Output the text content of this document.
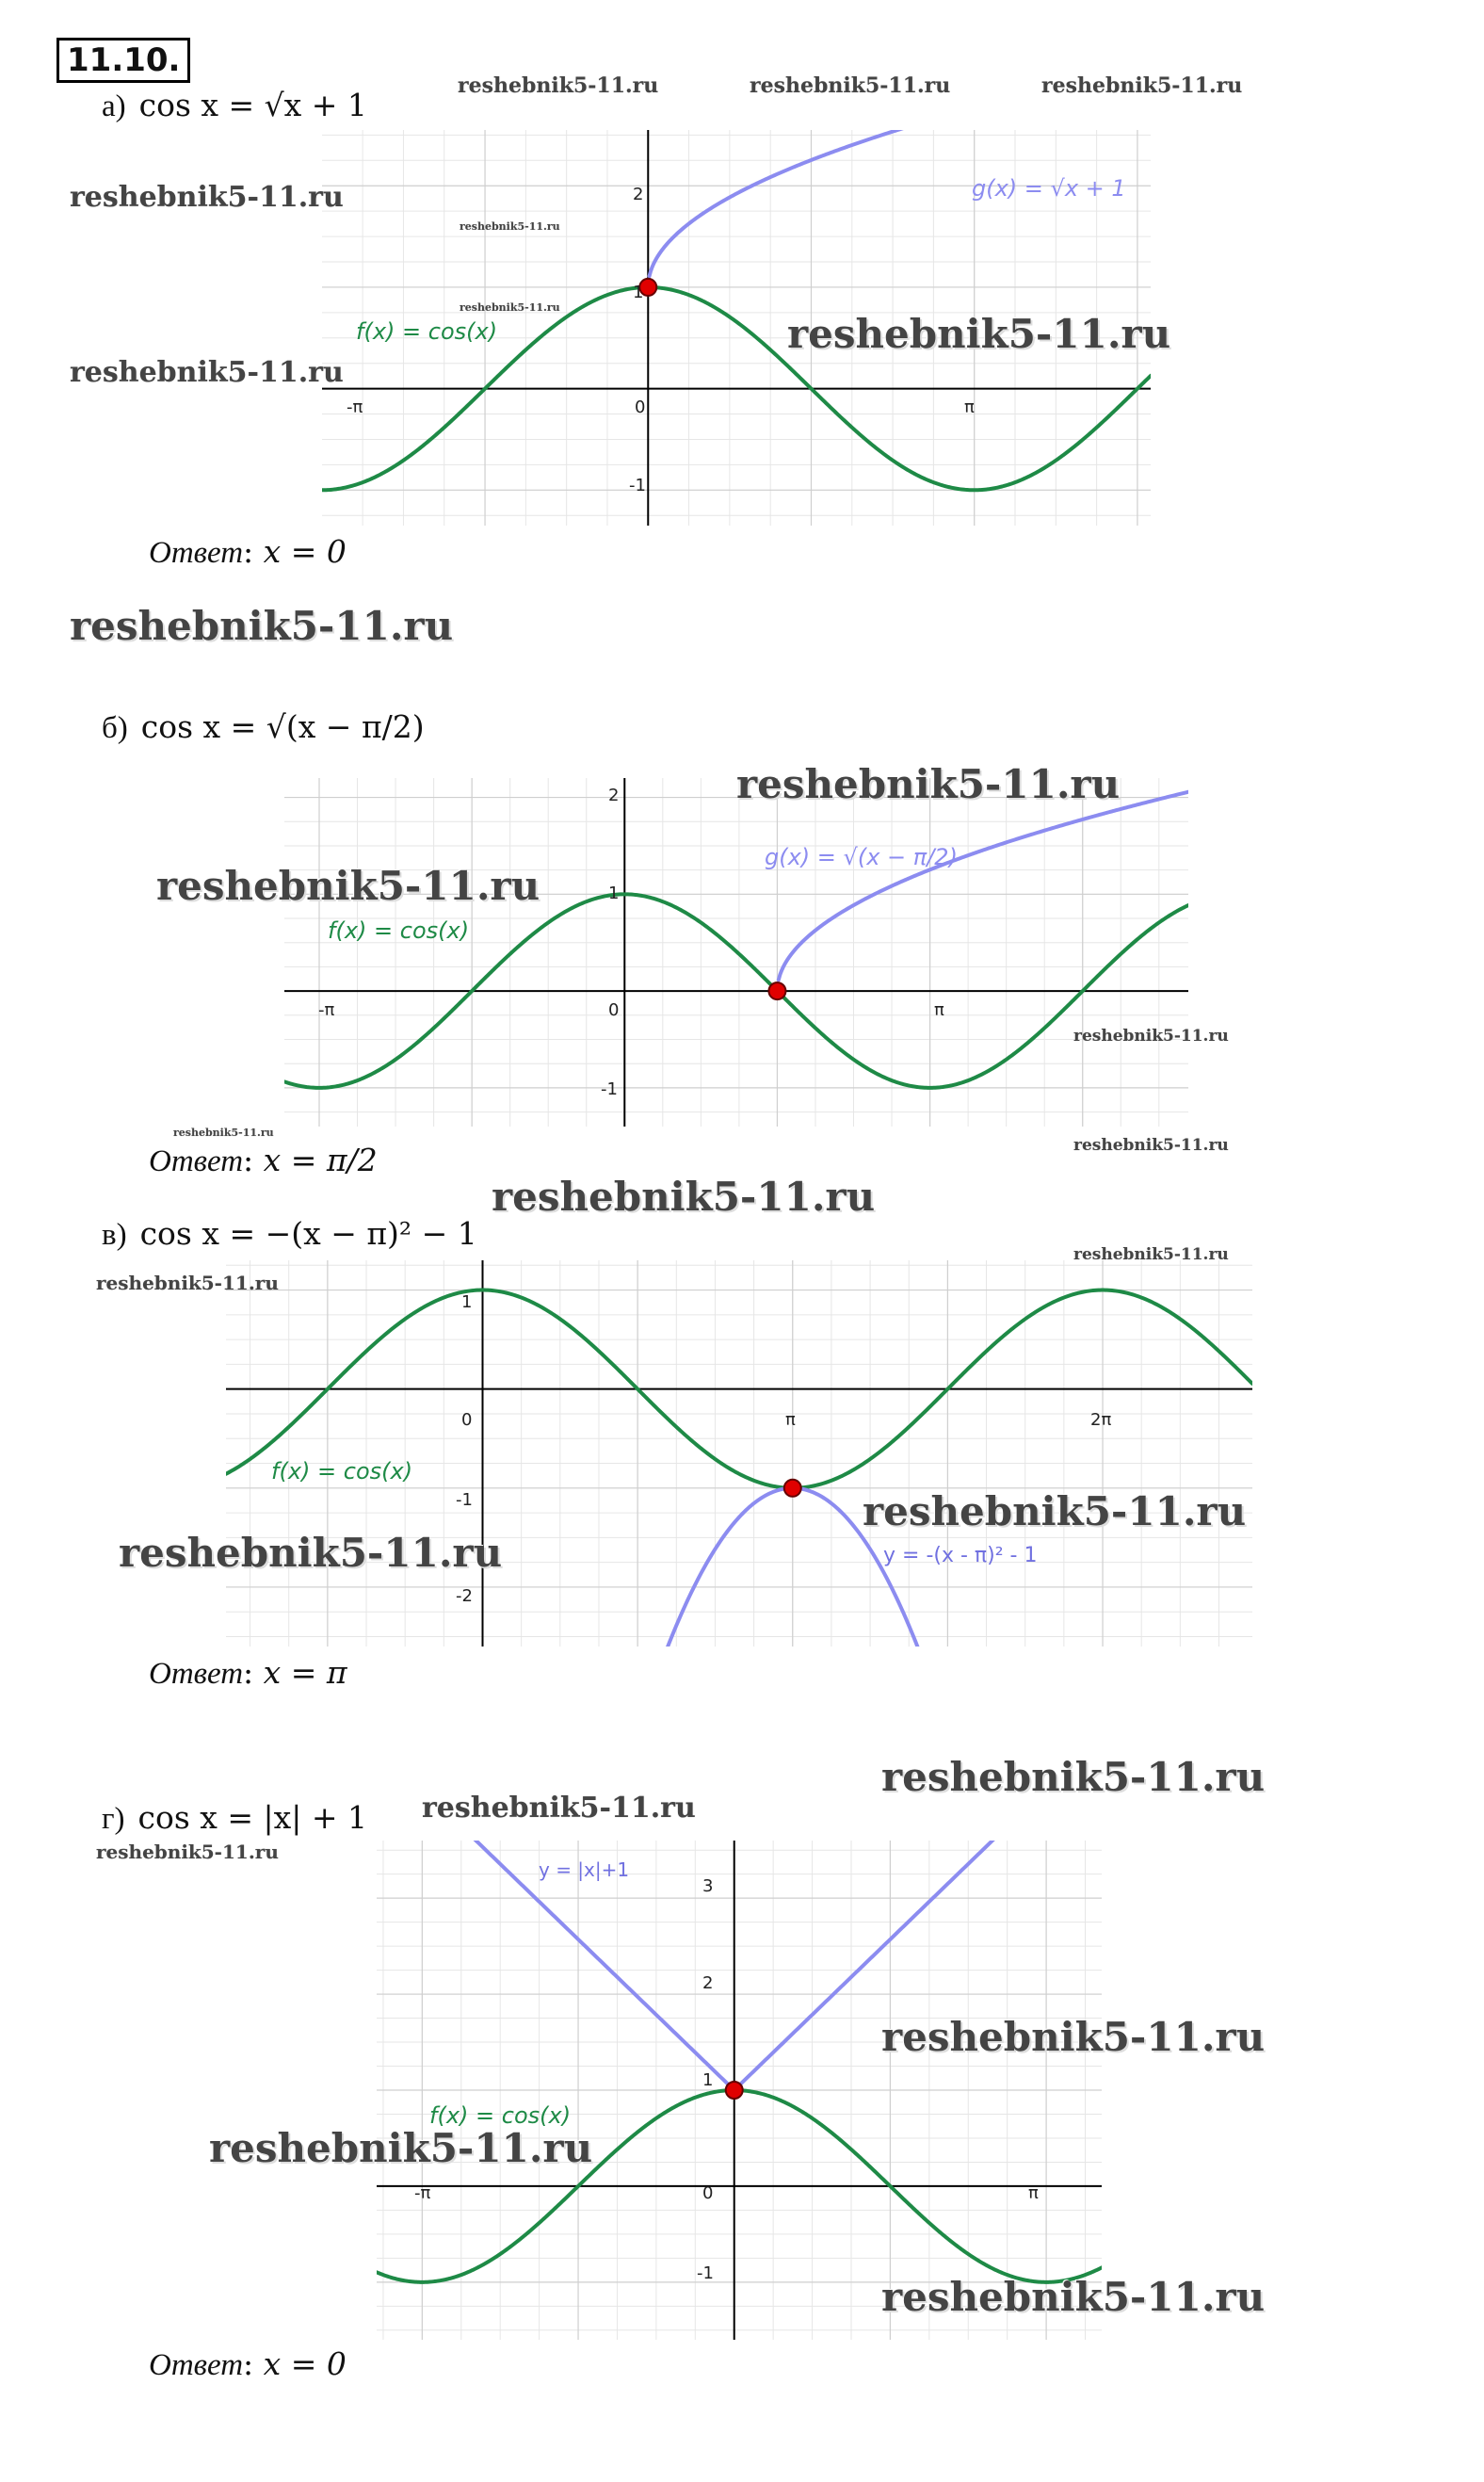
11.10.
а) cos x = √x + 1
g(x) = √x + 1
f(x) = cos(x)
2
1
-1
-π	0	π
Ответ: x = 0
б) cos x = √(x − π/2)
g(x) = √(x − π/2)
f(x) = cos(x)
2
1
-1
-π	0	π
Ответ: x = π/2
в) cos x = −(x − π)² − 1
y = -(x - π)² - 1
f(x) = cos(x)
1
-1
-2
0	π	2π
Ответ: x = π
г) cos x = |x| + 1
y = |x|+1
f(x) = cos(x)
3
2
1
-1
-π	0	π
Ответ: x = 0
reshebnik5-11.ru	reshebnik5-11.ru	reshebnik5-11.ru
reshebnik5-11.ru
reshebnik5-11.ru
reshebnik5-11.ru
reshebnik5-11.ru
reshebnik5-11.ru
reshebnik5-11.ru
reshebnik5-11.ru
reshebnik5-11.ru
reshebnik5-11.ru
reshebnik5-11.ru
reshebnik5-11.ru
reshebnik5-11.ru
reshebnik5-11.ru
reshebnik5-11.ru
reshebnik5-11.ru
reshebnik5-11.ru
reshebnik5-11.ru
reshebnik5-11.ru
reshebnik5-11.ru
reshebnik5-11.ru
reshebnik5-11.ru
reshebnik5-11.ru
